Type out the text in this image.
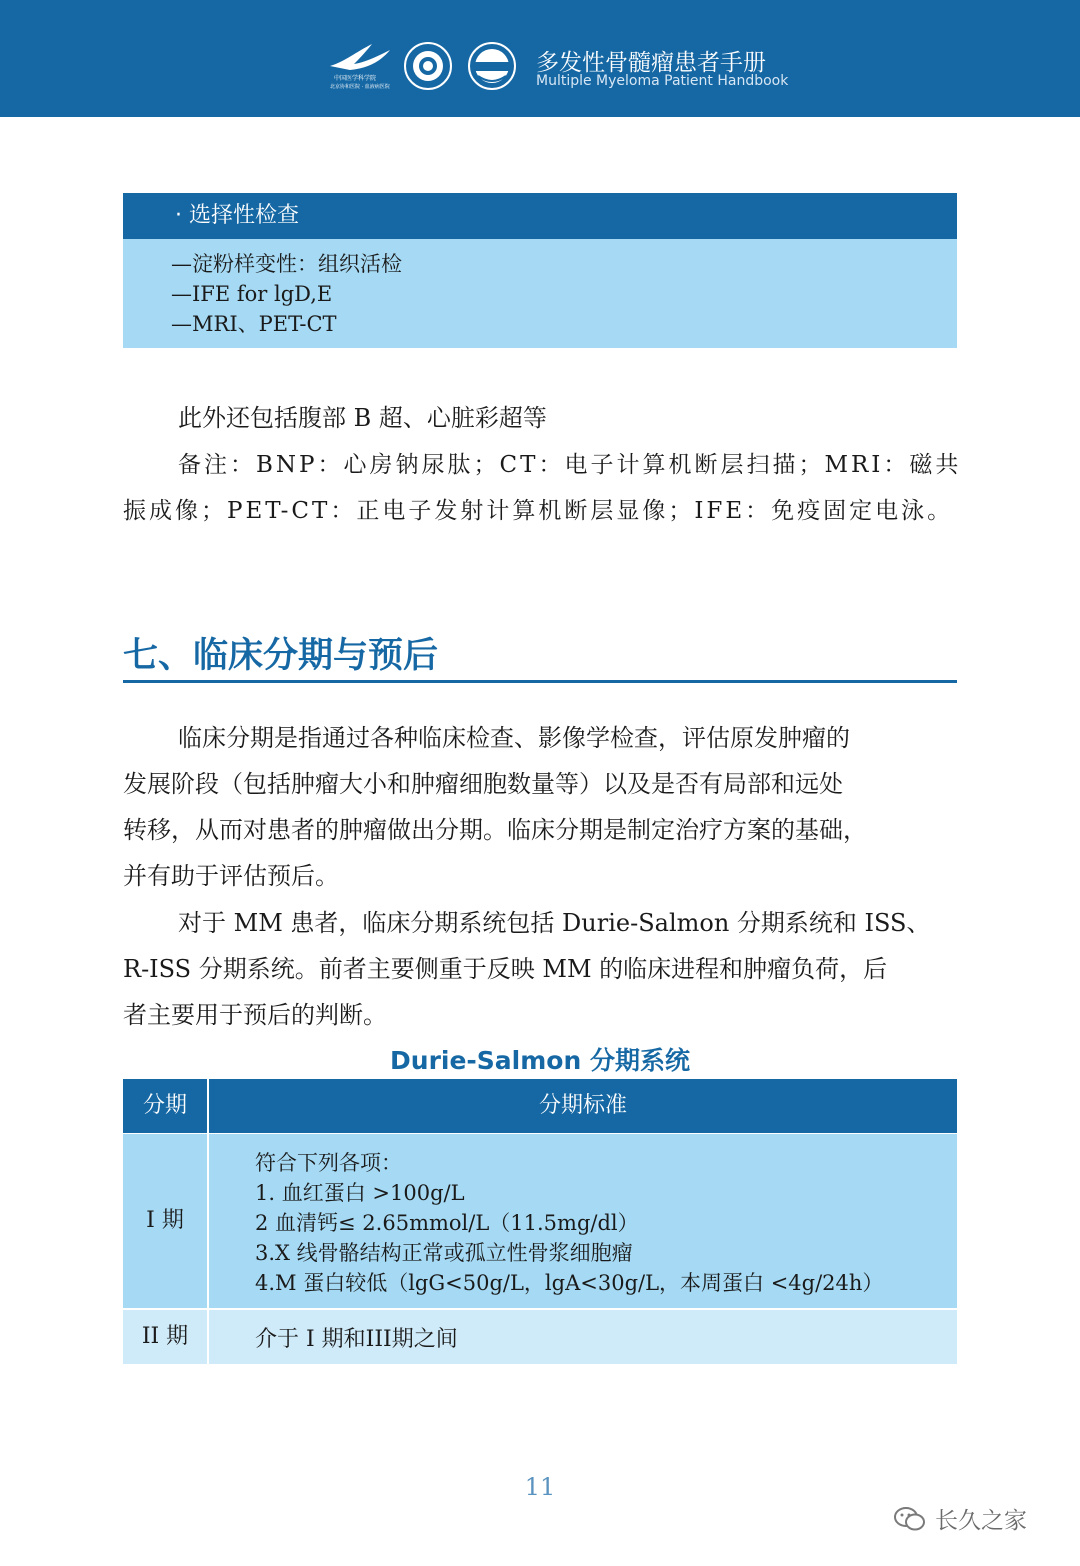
中国医学科学院
北京协和医院 · 血液病医院
多发性骨髓瘤患者手册
Multiple Myeloma Patient Handbook
· 选择性检查
—淀粉样变性：组织活检
—IFE for lgD,E
—MRI、PET-CT
此外还包括腹部 B 超、心脏彩超等
备注：BNP：心房钠尿肽；CT：电子计算机断层扫描；MRI：磁共
振成像；PET-CT：正电子发射计算机断层显像；IFE：免疫固定电泳。
七、临床分期与预后
临床分期是指通过各种临床检查、影像学检查，评估原发肿瘤的
发展阶段（包括肿瘤大小和肿瘤细胞数量等）以及是否有局部和远处
转移，从而对患者的肿瘤做出分期。临床分期是制定治疗方案的基础，
并有助于评估预后。
对于 MM 患者，临床分期系统包括 Durie-Salmon 分期系统和 ISS、
R-ISS 分期系统。前者主要侧重于反映 MM 的临床进程和肿瘤负荷，后
者主要用于预后的判断。
Durie-Salmon 分期系统
分期	分期标准
I 期
符合下列各项：
1. 血红蛋白 >100g/L
2 血清钙≤ 2.65mmol/L（11.5mg/dl）
3.X 线骨骼结构正常或孤立性骨浆细胞瘤
4.M 蛋白较低（lgG<50g/L，lgA<30g/L，本周蛋白 <4g/24h）
II 期	介于 I 期和III期之间
11
长久之家
